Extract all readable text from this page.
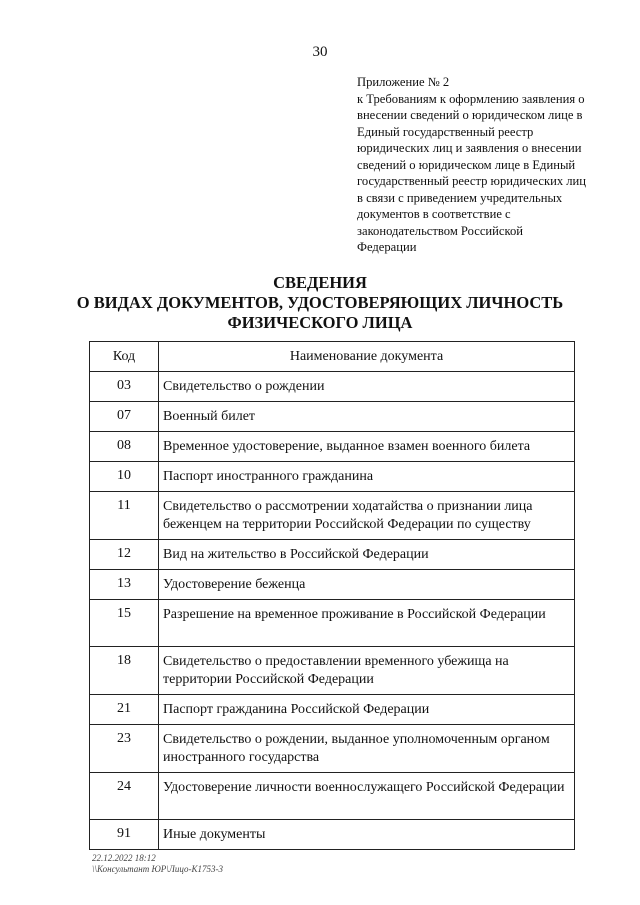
30
Приложение № 2
к Требованиям к оформлению заявления о
внесении сведений о юридическом лице в
Единый государственный реестр
юридических лиц и заявления о внесении
сведений о юридическом лице в Единый
государственный реестр юридических лиц
в связи с приведением учредительных
документов в соответствие с
законодательством Российской
Федерации
СВЕДЕНИЯ
О ВИДАХ ДОКУМЕНТОВ, УДОСТОВЕРЯЮЩИХ ЛИЧНОСТЬ
ФИЗИЧЕСКОГО ЛИЦА
Код	Наименование документа
03	Свидетельство о рождении
07	Военный билет
08	Временное удостоверение, выданное взамен военного билета
10	Паспорт иностранного гражданина
11	Свидетельство о рассмотрении ходатайства о признании лица беженцем на территории Российской Федерации по существу
12	Вид на жительство в Российской Федерации
13	Удостоверение беженца
15	Разрешение на временное проживание в Российской Федерации
18	Свидетельство о предоставлении временного убежища на территории Российской Федерации
21	Паспорт гражданина Российской Федерации
23	Свидетельство о рождении, выданное уполномоченным органом иностранного государства
24	Удостоверение личности военнослужащего Российской Федерации
91	Иные документы
22.12.2022 18:12
\\Консультант ЮР\Лицо-К1753-3
